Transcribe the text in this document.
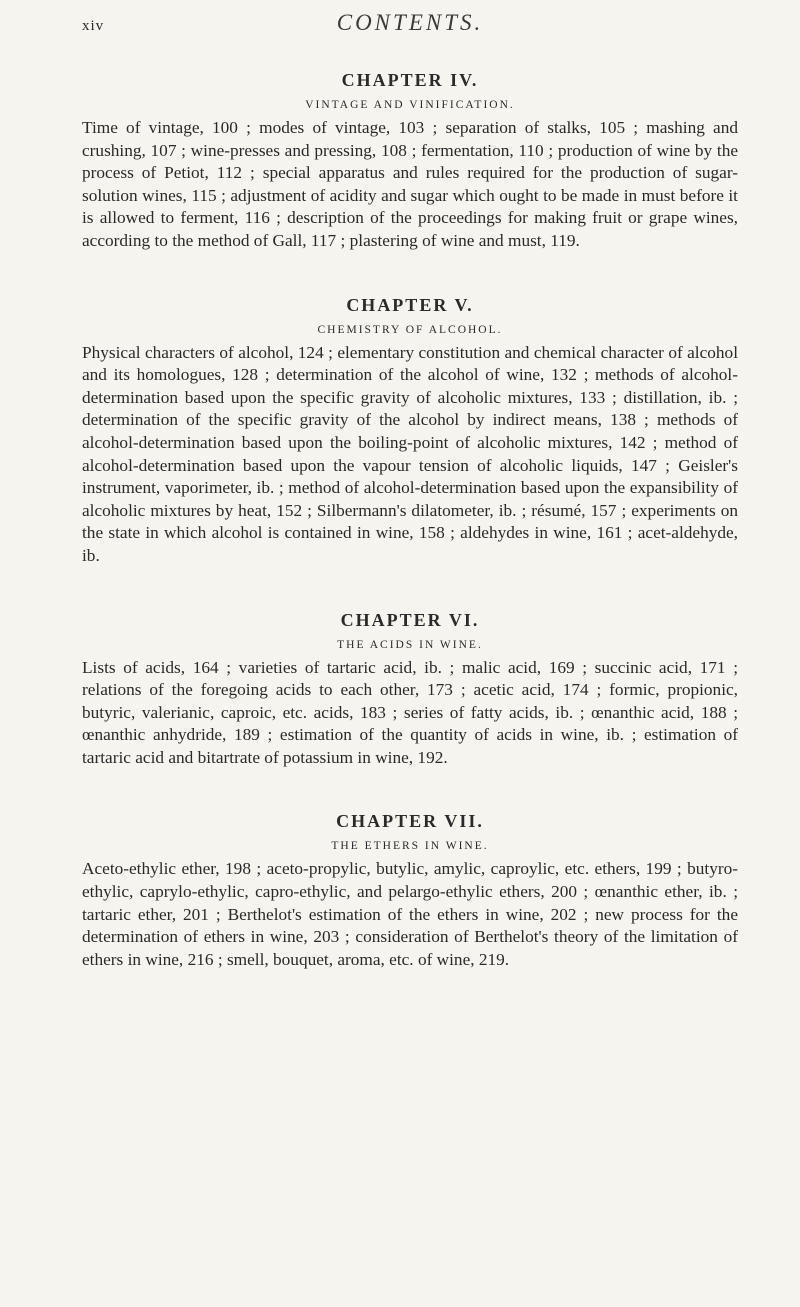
xiv	CONTENTS.
CHAPTER IV.
VINTAGE AND VINIFICATION.

Time of vintage, 100 ; modes of vintage, 103 ; separation of stalks, 105 ; mashing and crushing, 107 ; wine-presses and pressing, 108 ; fermentation, 110 ; production of wine by the process of Petiot, 112 ; special apparatus and rules required for the production of sugar-solution wines, 115 ; adjustment of acidity and sugar which ought to be made in must before it is allowed to ferment, 116 ; description of the proceedings for making fruit or grape wines, according to the method of Gall, 117 ; plastering of wine and must, 119.

CHAPTER V.
CHEMISTRY OF ALCOHOL.

Physical characters of alcohol, 124 ; elementary constitution and chemical character of alcohol and its homologues, 128 ; determination of the alcohol of wine, 132 ; methods of alcohol-determination based upon the specific gravity of alcoholic mixtures, 133 ; distillation, ib. ; determination of the specific gravity of the alcohol by indirect means, 138 ; methods of alcohol-determination based upon the boiling-point of alcoholic mixtures, 142 ; method of alcohol-determination based upon the vapour tension of alcoholic liquids, 147 ; Geisler's instrument, vaporimeter, ib. ; method of alcohol-determination based upon the expansibility of alcoholic mixtures by heat, 152 ; Silbermann's dilatometer, ib. ; résumé, 157 ; experiments on the state in which alcohol is contained in wine, 158 ; aldehydes in wine, 161 ; acet-aldehyde, ib.

CHAPTER VI.
THE ACIDS IN WINE.

Lists of acids, 164 ; varieties of tartaric acid, ib. ; malic acid, 169 ; succinic acid, 171 ; relations of the foregoing acids to each other, 173 ; acetic acid, 174 ; formic, propionic, butyric, valerianic, caproic, etc. acids, 183 ; series of fatty acids, ib. ; œnanthic acid, 188 ; œnanthic anhydride, 189 ; estimation of the quantity of acids in wine, ib. ; estimation of tartaric acid and bitartrate of potassium in wine, 192.

CHAPTER VII.
THE ETHERS IN WINE.

Aceto-ethylic ether, 198 ; aceto-propylic, butylic, amylic, caproylic, etc. ethers, 199 ; butyro-ethylic, caprylo-ethylic, capro-ethylic, and pelargo-ethylic ethers, 200 ; œnanthic ether, ib. ; tartaric ether, 201 ; Berthelot's estimation of the ethers in wine, 202 ; new process for the determination of ethers in wine, 203 ; consideration of Berthelot's theory of the limitation of ethers in wine, 216 ; smell, bouquet, aroma, etc. of wine, 219.
